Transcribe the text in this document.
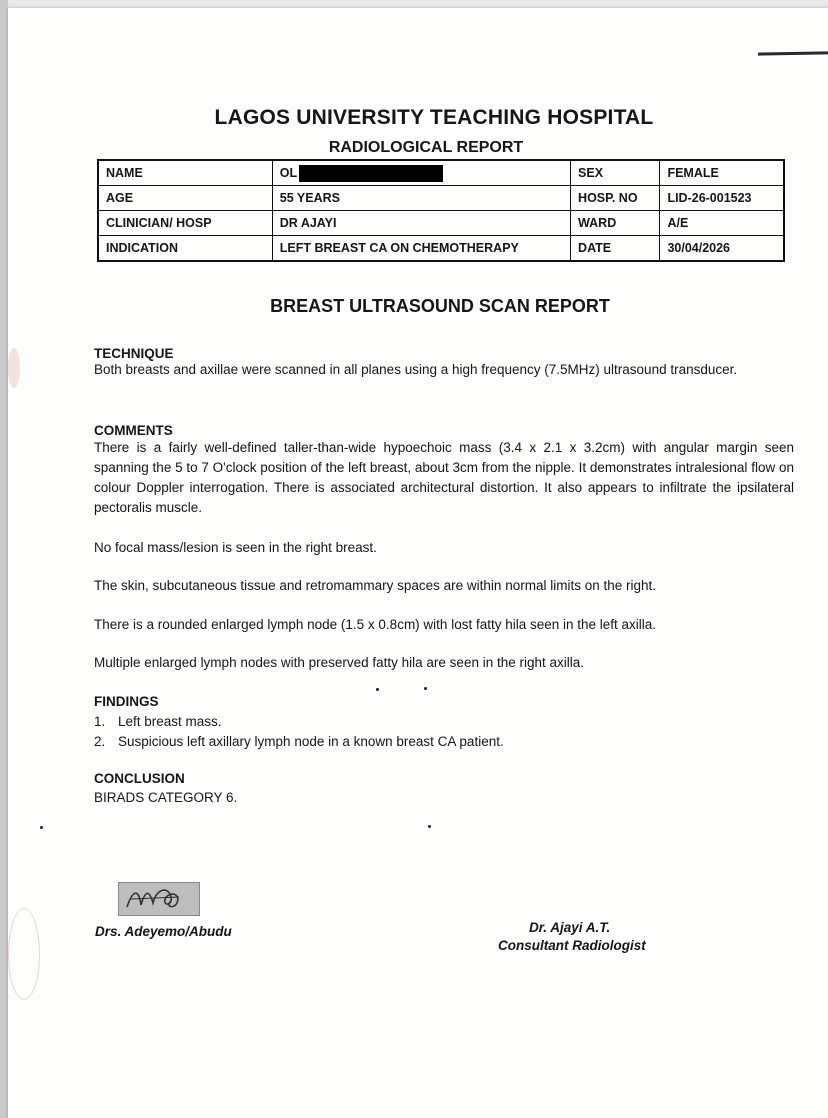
LAGOS UNIVERSITY TEACHING HOSPITAL
RADIOLOGICAL REPORT
NAME	OL	SEX	FEMALE
AGE	55 YEARS	HOSP. NO	LID-26-001523
CLINICIAN/ HOSP	DR AJAYI	WARD	A/E
INDICATION	LEFT BREAST CA ON CHEMOTHERAPY	DATE	30/04/2026
BREAST ULTRASOUND SCAN REPORT
TECHNIQUE

Both breasts and axillae were scanned in all planes using a high frequency (7.5MHz) ultrasound transducer.

COMMENTS

There is a fairly well-defined taller-than-wide hypoechoic mass (3.4 x 2.1 x 3.2cm) with angular margin seen spanning the 5 to 7 O'clock position of the left breast, about 3cm from the nipple. It demonstrates intralesional flow on colour Doppler interrogation. There is associated architectural distortion. It also appears to infiltrate the ipsilateral pectoralis muscle.

No focal mass/lesion is seen in the right breast.

The skin, subcutaneous tissue and retromammary spaces are within normal limits on the right.

There is a rounded enlarged lymph node (1.5 x 0.8cm) with lost fatty hila seen in the left axilla.

Multiple enlarged lymph nodes with preserved fatty hila are seen in the right axilla.

FINDINGS
1. Left breast mass.
2. Suspicious left axillary lymph node in a known breast CA patient.
CONCLUSION
BIRADS CATEGORY 6.
Drs. Adeyemo/Abudu	Dr. Ajayi A.T.
Consultant Radiologist
